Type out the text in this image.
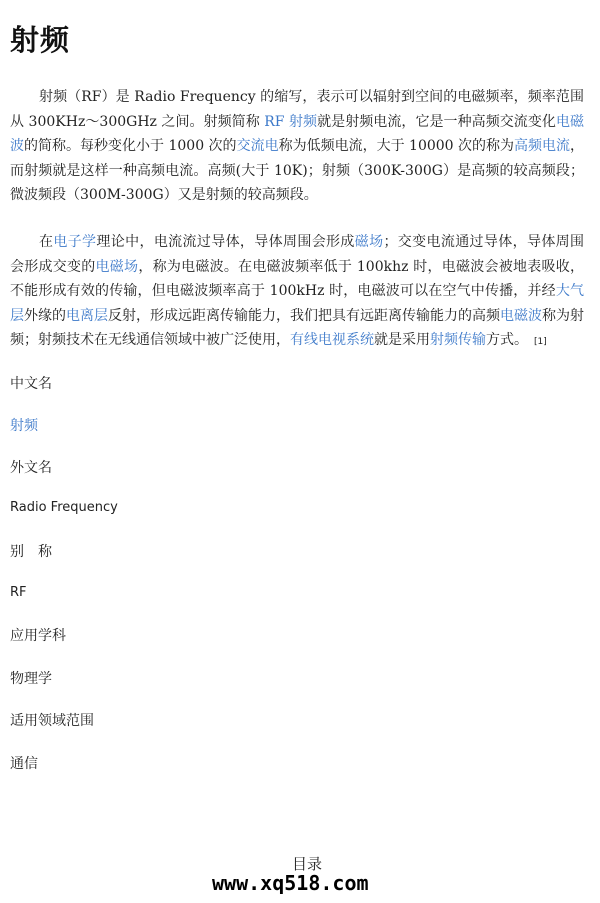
射频
射频（RF）是 Radio Frequency 的缩写，表示可以辐射到空间的电磁频率，频率范围从 300KHz～300GHz 之间。射频简称 RF 射频就是射频电流，它是一种高频交流变化电磁波的简称。每秒变化小于 1000 次的交流电称为低频电流，大于 10000 次的称为高频电流，而射频就是这样一种高频电流。高频(大于 10K)；射频（300K-300G）是高频的较高频段；微波频段（300M-300G）又是射频的较高频段。
在电子学理论中，电流流过导体，导体周围会形成磁场；交变电流通过导体，导体周围会形成交变的电磁场，称为电磁波。在电磁波频率低于 100khz 时，电磁波会被地表吸收，不能形成有效的传输，但电磁波频率高于 100kHz 时，电磁波可以在空气中传播，并经大气层外缘的电离层反射，形成远距离传输能力，我们把具有远距离传输能力的高频电磁波称为射频；射频技术在无线通信领域中被广泛使用，有线电视系统就是采用射频传输方式。 [1]
中文名
射频
外文名
Radio Frequency
别　称
RF
应用学科
物理学
适用领域范围
通信
目录
www.xq518.com
